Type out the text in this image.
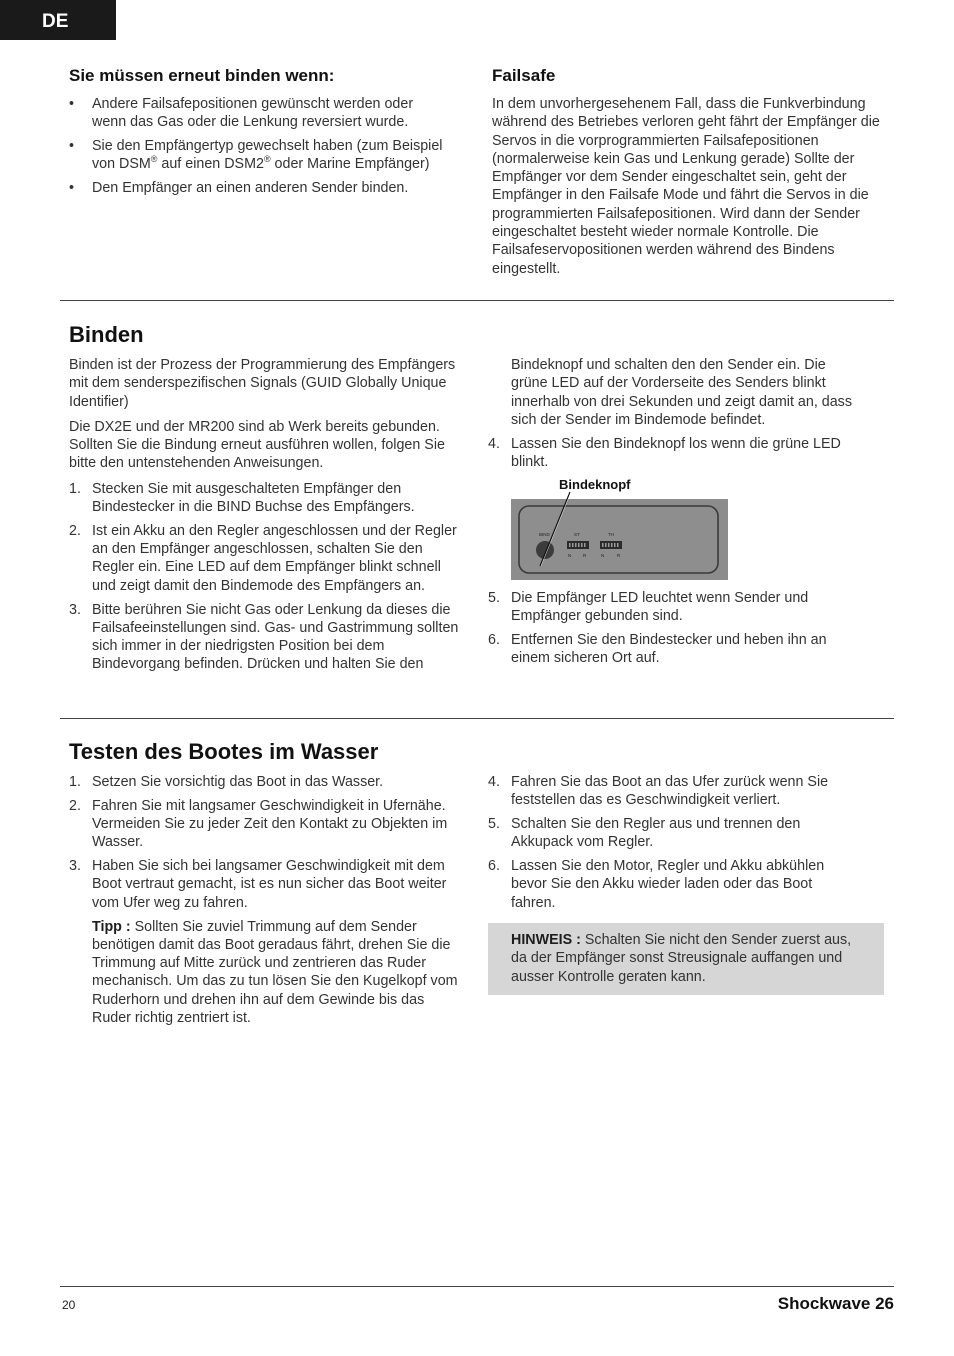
DE
Sie müssen erneut binden wenn:
• Andere Failsafepositionen gewünscht werden oder wenn das Gas oder die Lenkung reversiert wurde.
• Sie den Empfängertyp gewechselt haben (zum Beispiel von DSM® auf einen DSM2® oder Marine Empfänger)
• Den Empfänger an einen anderen Sender binden.
Failsafe
In dem unvorhergesehenem Fall, dass die Funkverbindung während des Betriebes verloren geht fährt der Empfänger die Servos in die vorprogrammierten Failsafepositionen (normalerweise kein Gas und Lenkung gerade) Sollte der Empfänger vor dem Sender eingeschaltet sein, geht der Empfänger in den Failsafe Mode und fährt die Servos in die programmierten Failsafepositionen. Wird dann der Sender eingeschaltet besteht wieder normale Kontrolle. Die Failsafeservopositionen werden während des Bindens eingestellt.
Binden

Binden ist der Prozess der Programmierung des Empfängers mit dem senderspezifischen Signals (GUID Globally Unique Identifier)

Die DX2E und der MR200 sind ab Werk bereits gebunden. Sollten Sie die Bindung erneut ausführen wollen, folgen Sie bitte den untenstehenden Anweisungen.

1. Stecken Sie mit ausgeschalteten Empfänger den Bindestecker in die BIND Buchse des Empfängers.
2. Ist ein Akku an den Regler angeschlossen und der Regler an den Empfänger angeschlossen, schalten Sie den Regler ein. Eine LED auf dem Empfänger blinkt schnell und zeigt damit den Bindemode des Empfängers an.
3. Bitte berühren Sie nicht Gas oder Lenkung da dieses die Failsafeeinstellungen sind. Gas- und Gastrimmung sollten sich immer in der niedrigsten Position bei dem Bindevorgang befinden. Drücken und halten Sie den
Bindeknopf und schalten den den Sender ein. Die grüne LED auf der Vorderseite des Senders blinkt innerhalb von drei Sekunden und zeigt damit an, dass sich der Sender im Bindemode befindet.
4. Lassen Sie den Bindeknopf los wenn die grüne LED blinkt.
Bindeknopf
BIND	ST	TH
N	R	N	R
5. Die Empfänger LED leuchtet wenn Sender und Empfänger gebunden sind.
6. Entfernen Sie den Bindestecker und heben ihn an einem sicheren Ort auf.
Testen des Bootes im Wasser
1. Setzen Sie vorsichtig das Boot in das Wasser.
2. Fahren Sie mit langsamer Geschwindigkeit in Ufernähe. Vermeiden Sie zu jeder Zeit den Kontakt zu Objekten im Wasser.
3. Haben Sie sich bei langsamer Geschwindigkeit mit dem Boot vertraut gemacht, ist es nun sicher das Boot weiter vom Ufer weg zu fahren.
Tipp : Sollten Sie zuviel Trimmung auf dem Sender benötigen damit das Boot geradaus fährt, drehen Sie die Trimmung auf Mitte zurück und zentrieren das Ruder mechanisch. Um das zu tun lösen Sie den Kugelkopf vom Ruderhorn und drehen ihn auf dem Gewinde bis das Ruder richtig zentriert ist.
4. Fahren Sie das Boot an das Ufer zurück wenn Sie feststellen das es Geschwindigkeit verliert.
5. Schalten Sie den Regler aus und trennen den Akkupack vom Regler.
6. Lassen Sie den Motor, Regler und Akku abkühlen bevor Sie den Akku wieder laden oder das Boot fahren.
HINWEIS : Schalten Sie nicht den Sender zuerst aus, da der Empfänger sonst Streusignale auffangen und ausser Kontrolle geraten kann.
20	Shockwave 26
